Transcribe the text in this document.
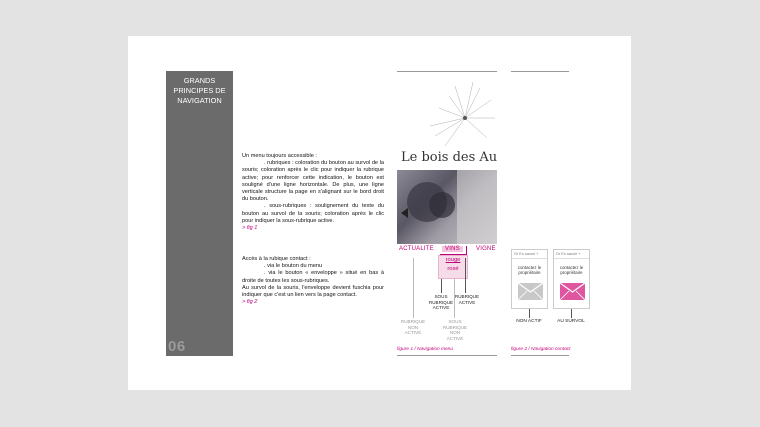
GRANDS
PRINCIPES DE
NAVIGATION
06

Un menu toujours accessible :

. rubriques : coloration du bouton au survol de la souris; coloration après le clic pour indiquer la rubrique active; pour renforcer cette indication, le bouton est souligné d'une ligne horizontale. De plus, une ligne verticale structure la page en s'alignant sur le bord droit du bouton.

. sous-rubriques : soulignement du texte du bouton au survol de la souris; coloration après le clic pour indiquer la sous-rubrique active.

> fig 1

Accès à la rubique contact :

. via le bouton du menu

. via le bouton « enveloppe » situé en bas à droite de toutes les sous-rubriques.

Au survol de la souris, l'enveloppe devient fuschia pour indiquer que c'est un lien vers la page contact.

> fig 2

Le bois des Au
ACTUALITE	VINS	VIGNE
rouge
rosé
SOUS
RUBRIQUE
ACTIVE
RUBRIQUE
ACTIVE
RUBRIQUE
NON
ACTIVE
SOUS
RUBRIQUE
NON
ACTIVE
figure 1 / Navigation menu
Or En savoir +
contactez le
propriétaire
Or En savoir +
contactez le
propriétaire
NON ACTIF	AU SURVOL
figure 2 / Navigation contact
